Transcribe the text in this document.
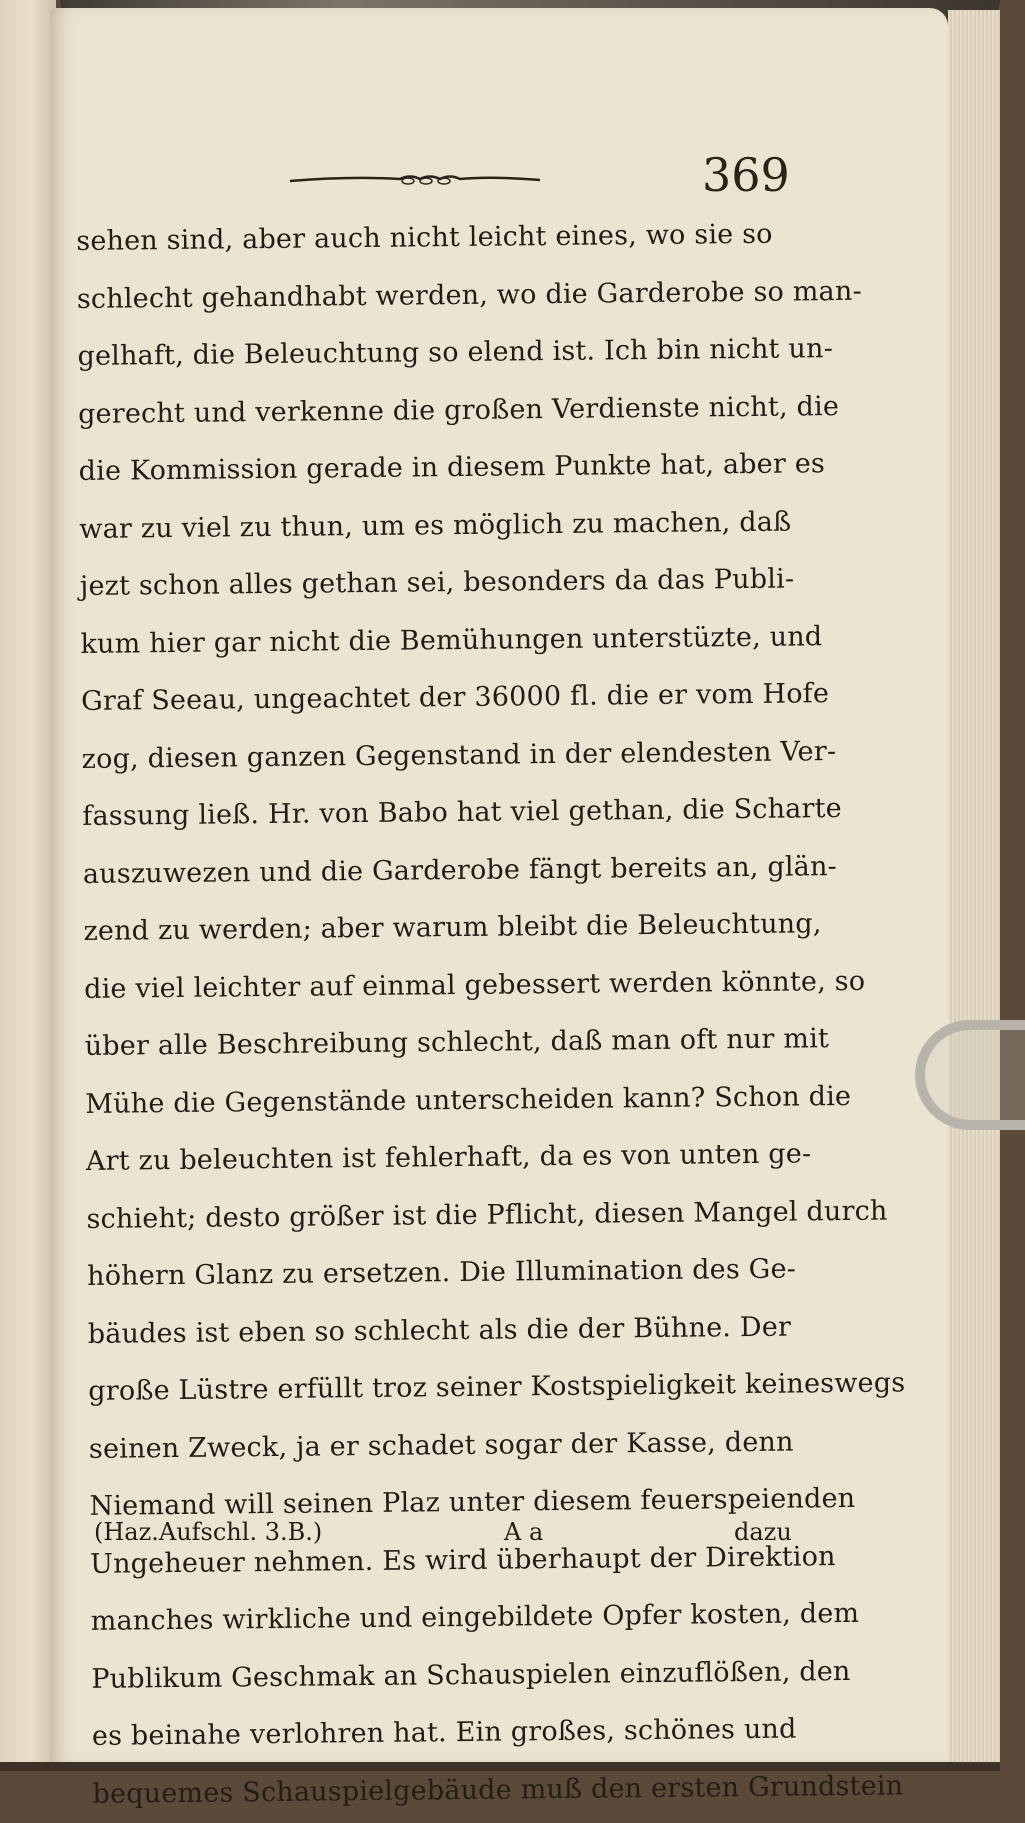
369

sehen sind, aber auch nicht leicht eines, wo sie so

schlecht gehandhabt werden, wo die Garderobe so man-

gelhaft, die Beleuchtung so elend ist. Ich bin nicht un-

gerecht und verkenne die großen Verdienste nicht, die

die Kommission gerade in diesem Punkte hat, aber es

war zu viel zu thun, um es möglich zu machen, daß

jezt schon alles gethan sei, besonders da das Publi-

kum hier gar nicht die Bemühungen unterstüzte, und

Graf Seeau, ungeachtet der 36000 fl. die er vom Hofe

zog, diesen ganzen Gegenstand in der elendesten Ver-

fassung ließ. Hr. von Babo hat viel gethan, die Scharte

auszuwezen und die Garderobe fängt bereits an, glän-

zend zu werden; aber warum bleibt die Beleuchtung,

die viel leichter auf einmal gebessert werden könnte, so

über alle Beschreibung schlecht, daß man oft nur mit

Mühe die Gegenstände unterscheiden kann? Schon die

Art zu beleuchten ist fehlerhaft, da es von unten ge-

schieht; desto größer ist die Pflicht, diesen Mangel durch

höhern Glanz zu ersetzen. Die Illumination des Ge-

bäudes ist eben so schlecht als die der Bühne. Der

große Lüstre erfüllt troz seiner Kostspieligkeit keineswegs

seinen Zweck, ja er schadet sogar der Kasse, denn

Niemand will seinen Plaz unter diesem feuerspeienden

Ungeheuer nehmen. Es wird überhaupt der Direktion

manches wirkliche und eingebildete Opfer kosten, dem

Publikum Geschmak an Schauspielen einzuflößen, den

es beinahe verlohren hat. Ein großes, schönes und

bequemes Schauspielgebäude muß den ersten Grundstein

(Haz.Aufschl. 3.B.)	A a	dazu
